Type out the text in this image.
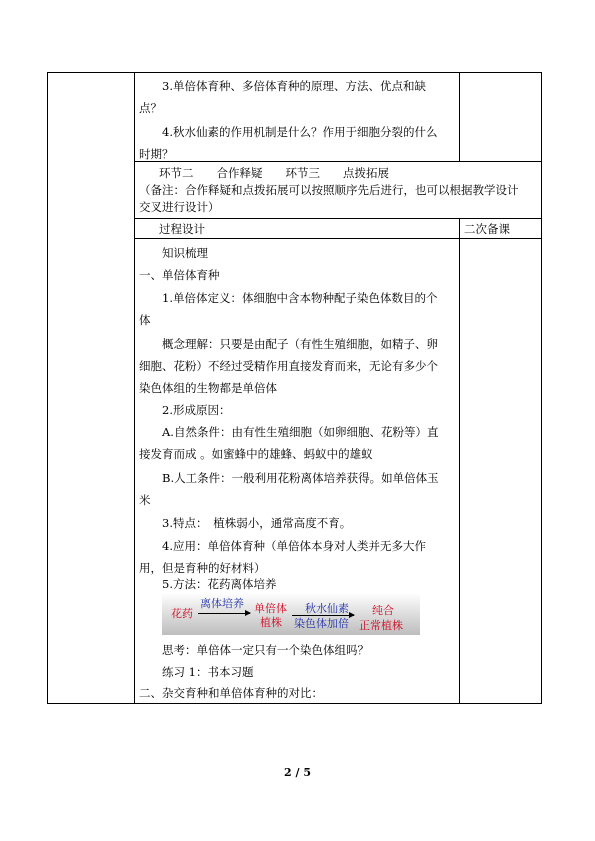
3.单倍体育种、多倍体育种的原理、方法、优点和缺
点？
4.秋水仙素的作用机制是什么？作用于细胞分裂的什么
时期？
环节二　　合作释疑　　环节三　　点拨拓展
（备注：合作释疑和点拨拓展可以按照顺序先后进行，也可以根据教学设计
交叉进行设计）
过程设计	二次备课
知识梳理
一、单倍体育种
1.单倍体定义：体细胞中含本物种配子染色体数目的个
体
概念理解：只要是由配子（有性生殖细胞，如精子、卵
细胞、花粉）不经过受精作用直接发育而来，无论有多少个
染色体组的生物都是单倍体
2.形成原因：
A.自然条件：由有性生殖细胞（如卵细胞、花粉等）直
接发育而成 。如蜜蜂中的雄蜂、蚂蚁中的雄蚁
B.人工条件：一般利用花粉离体培养获得。如单倍体玉
米
3.特点：　植株弱小，通常高度不育。
4.应用：单倍体育种（单倍体本身对人类并无多大作
用，但是育种的好材料）
5.方法：花药离体培养
花药
离体培养 单倍体
植株
秋水仙素
染色体加倍
纯合
正常植株
思考：单倍体一定只有一个染色体组吗？
练习 1：书本习题
二、杂交育种和单倍体育种的对比：
2 / 5
